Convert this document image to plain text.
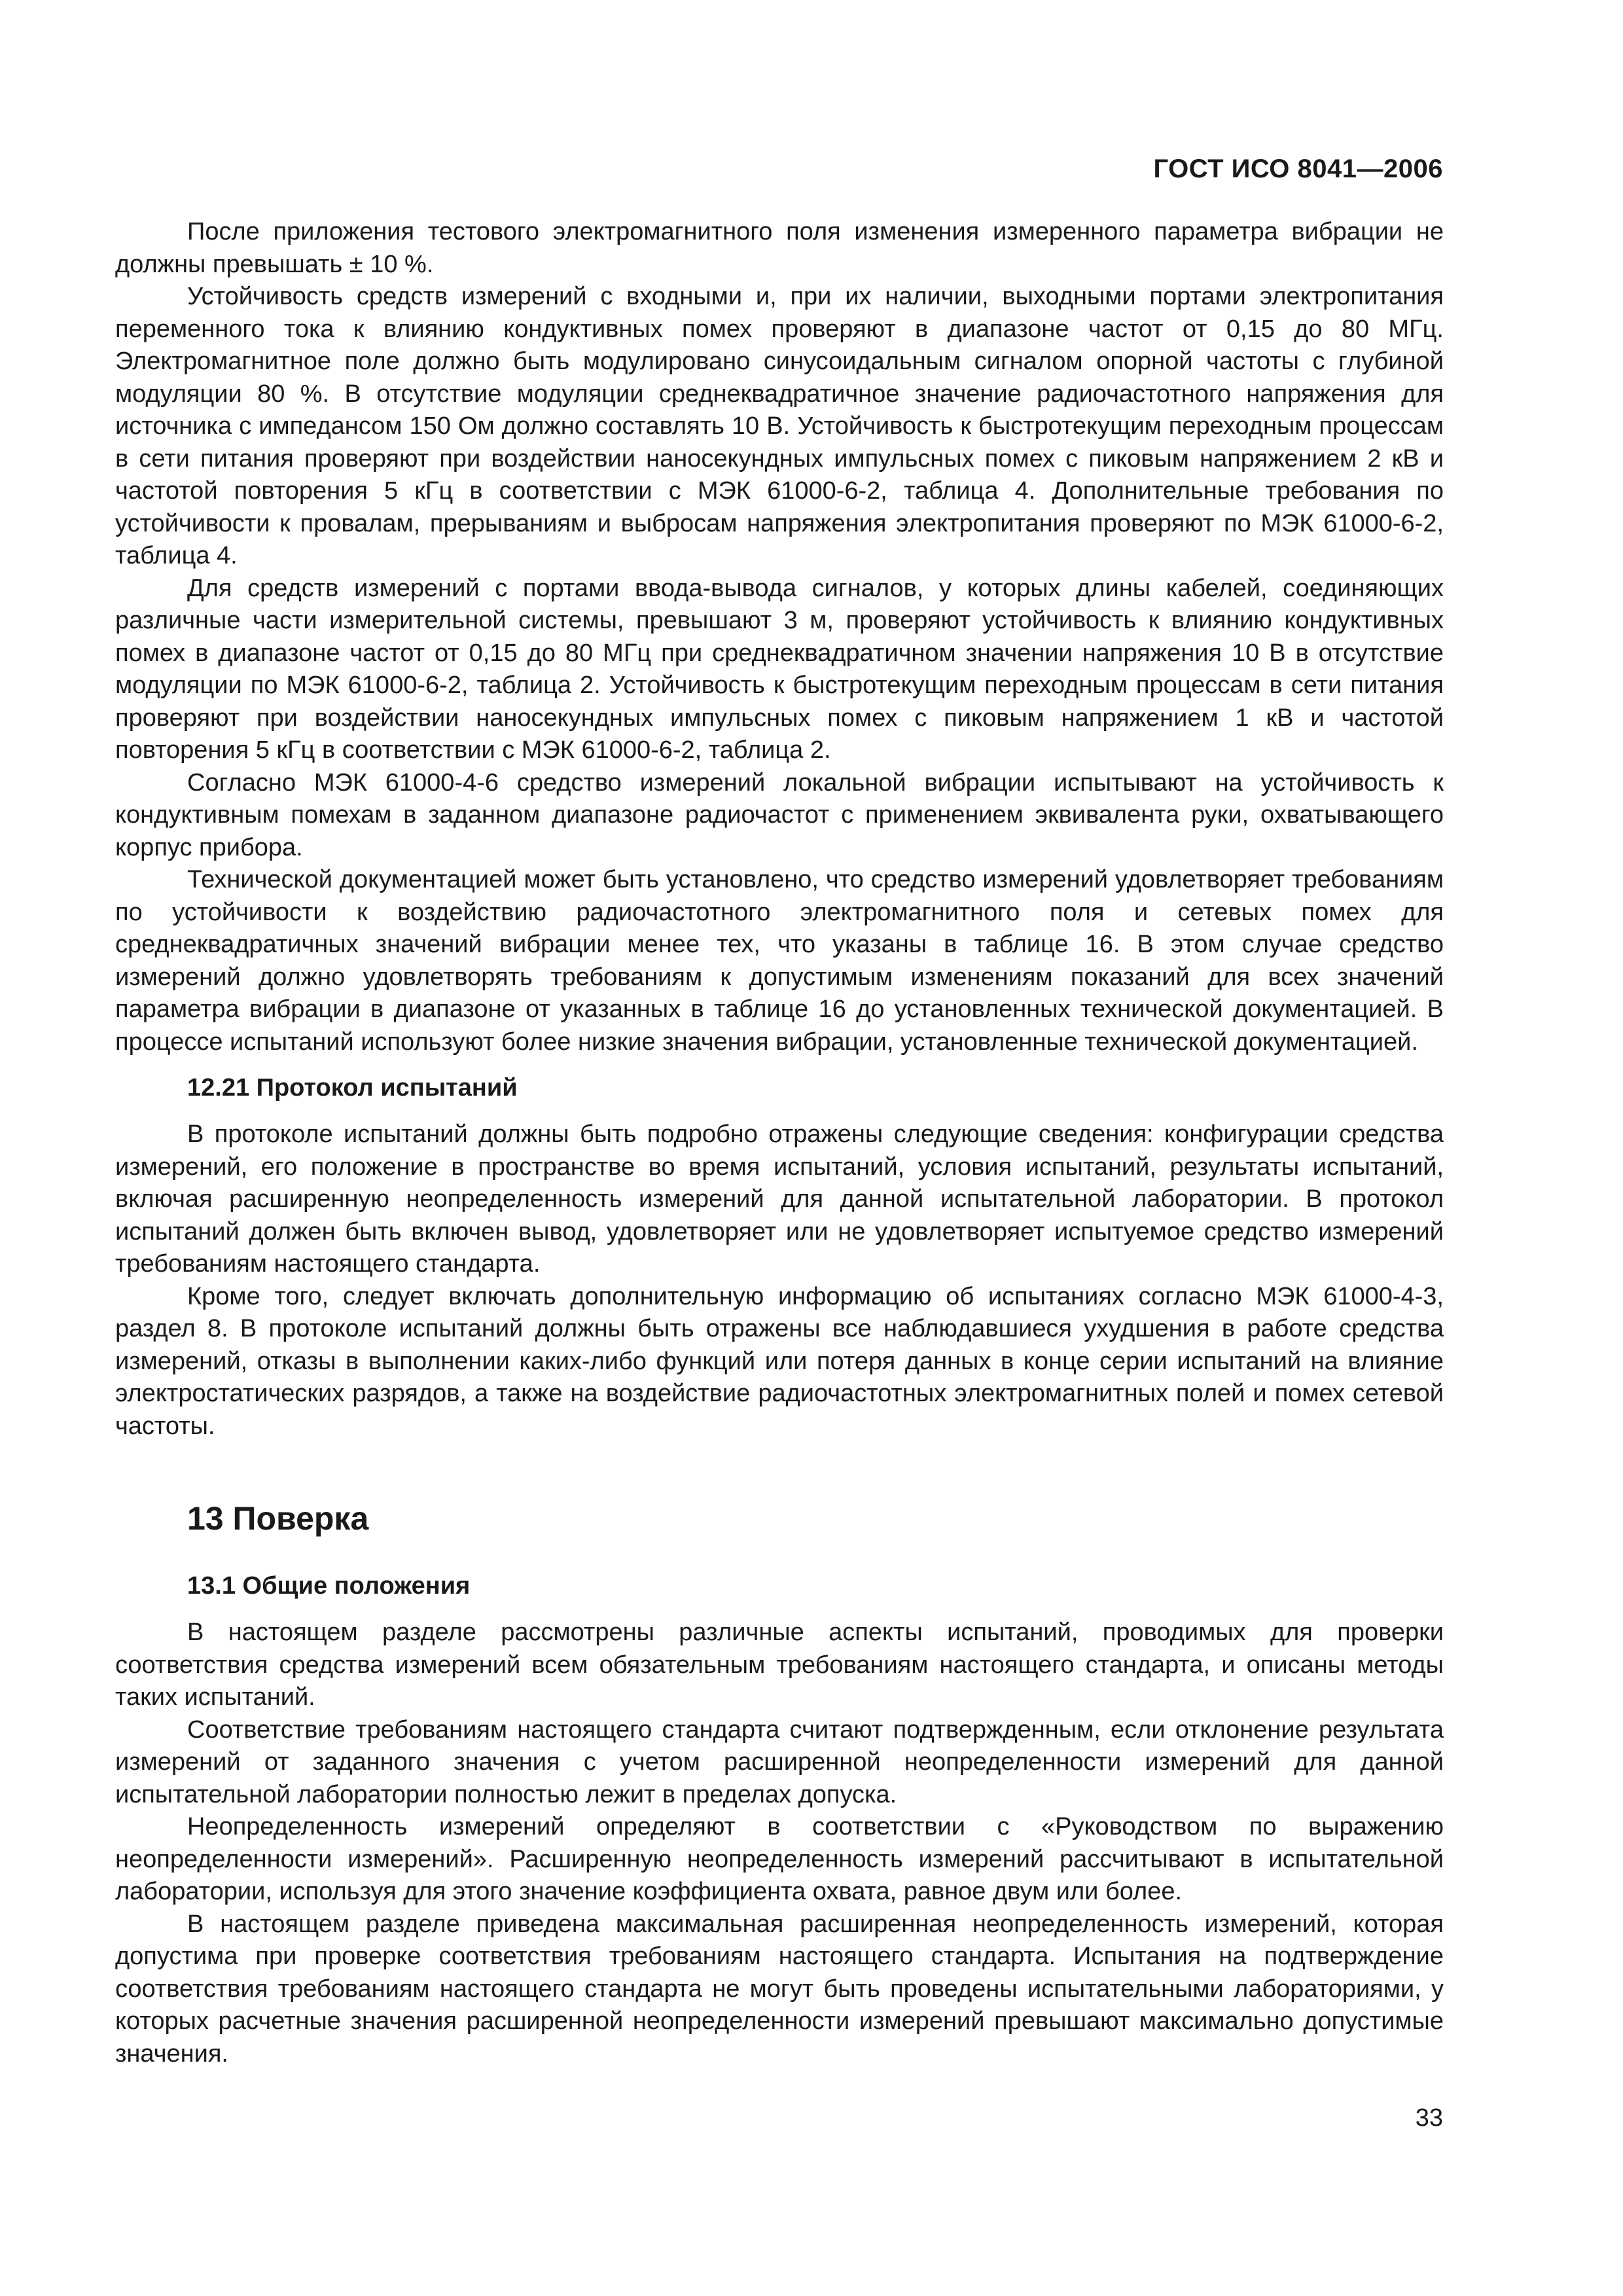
ГОСТ ИСО 8041—2006

После приложения тестового электромагнитного поля изменения измеренного параметра вибрации не должны превышать ± 10 %.

Устойчивость средств измерений с входными и, при их наличии, выходными портами электропитания переменного тока к влиянию кондуктивных помех проверяют в диапазоне частот от 0,15 до 80 МГц. Электромагнитное поле должно быть модулировано синусоидальным сигналом опорной частоты с глубиной модуляции 80 %. В отсутствие модуляции среднеквадратичное значение радиочастотного напряжения для источника с импедансом 150 Ом должно составлять 10 В. Устойчивость к быстротекущим переходным процессам в сети питания проверяют при воздействии наносекундных импульсных помех с пиковым напряжением 2 кВ и частотой повторения 5 кГц в соответствии с МЭК 61000-6-2, таблица 4. Дополнительные требования по устойчивости к провалам, прерываниям и выбросам напряжения электропитания проверяют по МЭК 61000-6-2, таблица 4.

Для средств измерений с портами ввода-вывода сигналов, у которых длины кабелей, соединяющих различные части измерительной системы, превышают 3 м, проверяют устойчивость к влиянию кондуктивных помех в диапазоне частот от 0,15 до 80 МГц при среднеквадратичном значении напряжения 10 В в отсутствие модуляции по МЭК 61000-6-2, таблица 2. Устойчивость к быстротекущим переходным процессам в сети питания проверяют при воздействии наносекундных импульсных помех с пиковым напряжением 1 кВ и частотой повторения 5 кГц в соответствии с МЭК 61000-6-2, таблица 2.

Согласно МЭК 61000-4-6 средство измерений локальной вибрации испытывают на устойчивость к кондуктивным помехам в заданном диапазоне радиочастот с применением эквивалента руки, охватывающего корпус прибора.

Технической документацией может быть установлено, что средство измерений удовлетворяет требованиям по устойчивости к воздействию радиочастотного электромагнитного поля и сетевых помех для среднеквадратичных значений вибрации менее тех, что указаны в таблице 16. В этом случае средство измерений должно удовлетворять требованиям к допустимым изменениям показаний для всех значений параметра вибрации в диапазоне от указанных в таблице 16 до установленных технической документацией. В процессе испытаний используют более низкие значения вибрации, установленные технической документацией.

12.21 Протокол испытаний

В протоколе испытаний должны быть подробно отражены следующие сведения: конфигурации средства измерений, его положение в пространстве во время испытаний, условия испытаний, результаты испытаний, включая расширенную неопределенность измерений для данной испытательной лаборатории. В протокол испытаний должен быть включен вывод, удовлетворяет или не удовлетворяет испытуемое средство измерений требованиям настоящего стандарта.

Кроме того, следует включать дополнительную информацию об испытаниях согласно МЭК 61000-4-3, раздел 8. В протоколе испытаний должны быть отражены все наблюдавшиеся ухудшения в работе средства измерений, отказы в выполнении каких-либо функций или потеря данных в конце серии испытаний на влияние электростатических разрядов, а также на воздействие радиочастотных электромагнитных полей и помех сетевой частоты.

13 Поверка
13.1 Общие положения

В настоящем разделе рассмотрены различные аспекты испытаний, проводимых для проверки соответствия средства измерений всем обязательным требованиям настоящего стандарта, и описаны методы таких испытаний.

Соответствие требованиям настоящего стандарта считают подтвержденным, если отклонение результата измерений от заданного значения с учетом расширенной неопределенности измерений для данной испытательной лаборатории полностью лежит в пределах допуска.

Неопределенность измерений определяют в соответствии с «Руководством по выражению неопределенности измерений». Расширенную неопределенность измерений рассчитывают в испытательной лаборатории, используя для этого значение коэффициента охвата, равное двум или более.

В настоящем разделе приведена максимальная расширенная неопределенность измерений, которая допустима при проверке соответствия требованиям настоящего стандарта. Испытания на подтверждение соответствия требованиям настоящего стандарта не могут быть проведены испытательными лабораториями, у которых расчетные значения расширенной неопределенности измерений превышают максимально допустимые значения.

33
